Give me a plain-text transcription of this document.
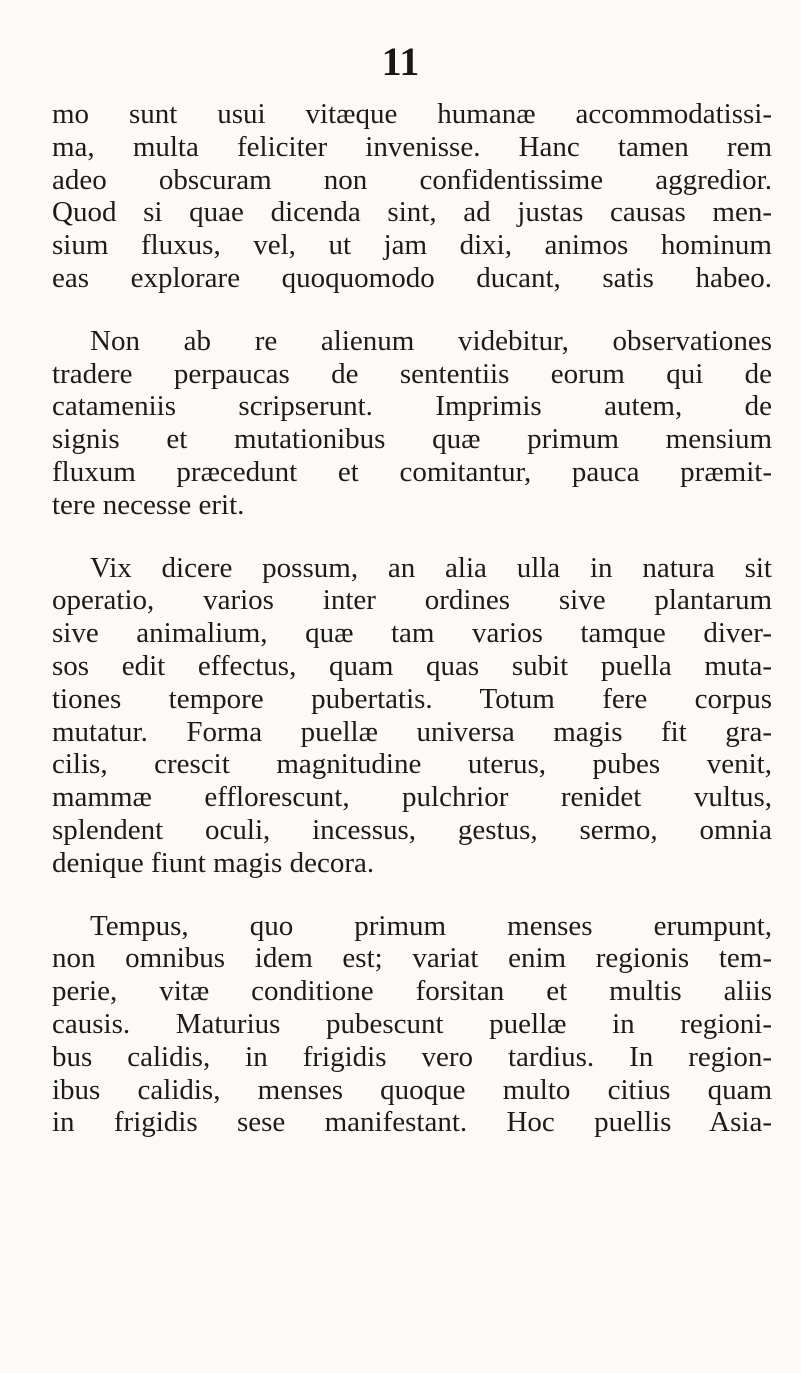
11
mo sunt usui vitæque humanæ accommodatissi-
ma, multa feliciter invenisse. Hanc tamen rem
adeo obscuram non confidentissime aggredior.
Quod si quae dicenda sint, ad justas causas men-
sium fluxus, vel, ut jam dixi, animos hominum
eas explorare quoquomodo ducant, satis habeo.
Non ab re alienum videbitur, observationes
tradere perpaucas de sententiis eorum qui de
catameniis scripserunt. Imprimis autem, de
signis et mutationibus quæ primum mensium
fluxum præcedunt et comitantur, pauca præmit-
tere necesse erit.
Vix dicere possum, an alia ulla in natura sit
operatio, varios inter ordines sive plantarum
sive animalium, quæ tam varios tamque diver-
sos edit effectus, quam quas subit puella muta-
tiones tempore pubertatis. Totum fere corpus
mutatur. Forma puellæ universa magis fit gra-
cilis, crescit magnitudine uterus, pubes venit,
mammæ efflorescunt, pulchrior renidet vultus,
splendent oculi, incessus, gestus, sermo, omnia
denique fiunt magis decora.
Tempus, quo primum menses erumpunt,
non omnibus idem est; variat enim regionis tem-
perie, vitæ conditione forsitan et multis aliis
causis. Maturius pubescunt puellæ in regioni-
bus calidis, in frigidis vero tardius. In region-
ibus calidis, menses quoque multo citius quam
in frigidis sese manifestant. Hoc puellis Asia-
